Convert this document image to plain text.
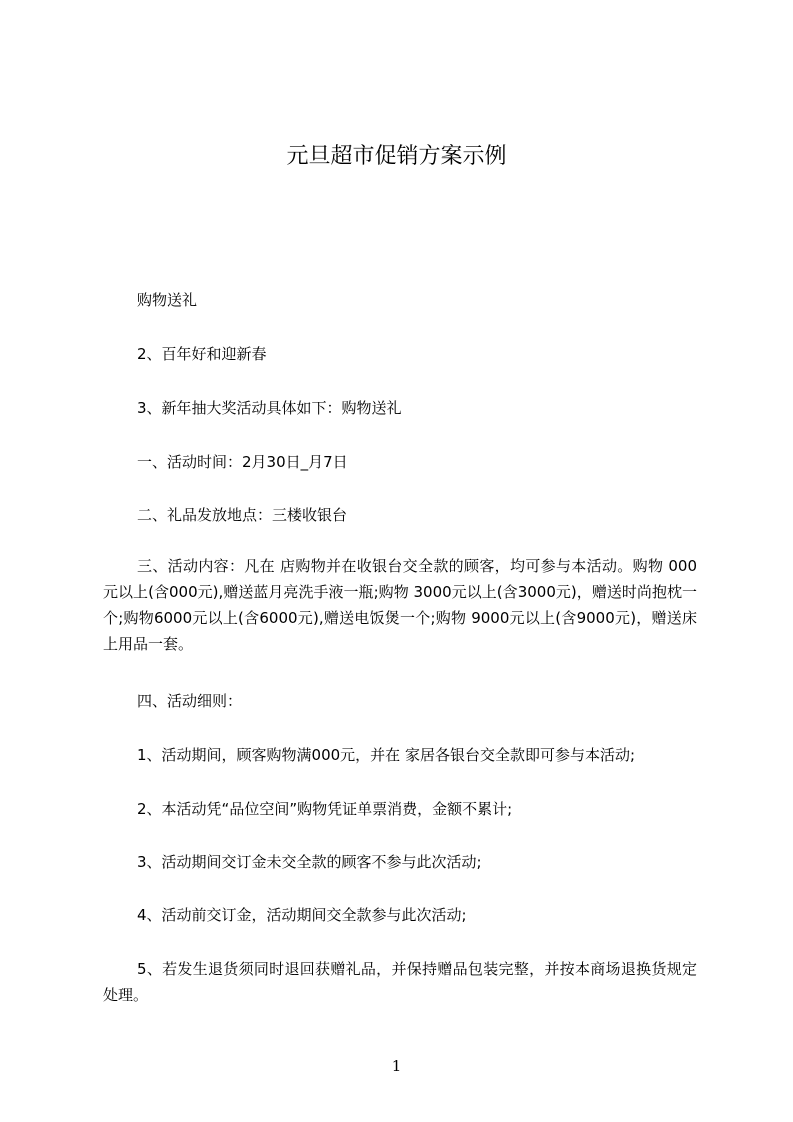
元旦超市促销方案示例

购物送礼

2、百年好和迎新春

3、新年抽大奖活动具体如下：购物送礼

一、活动时间：2月30日_月7日

二、礼品发放地点：三楼收银台

三、活动内容：凡在 店购物并在收银台交全款的顾客，均可参与本活动。购物 000元以上(含000元),赠送蓝月亮洗手液一瓶;购物 3000元以上(含3000元)，赠送时尚抱枕一个;购物6000元以上(含6000元),赠送电饭煲一个;购物 9000元以上(含9000元)，赠送床上用品一套。

四、活动细则：

1、活动期间，顾客购物满000元，并在 家居各银台交全款即可参与本活动;

2、本活动凭“品位空间”购物凭证单票消费，金额不累计;

3、活动期间交订金未交全款的顾客不参与此次活动;

4、活动前交订金，活动期间交全款参与此次活动;

5、若发生退货须同时退回获赠礼品，并保持赠品包装完整，并按本商场退换货规定处理。

1
